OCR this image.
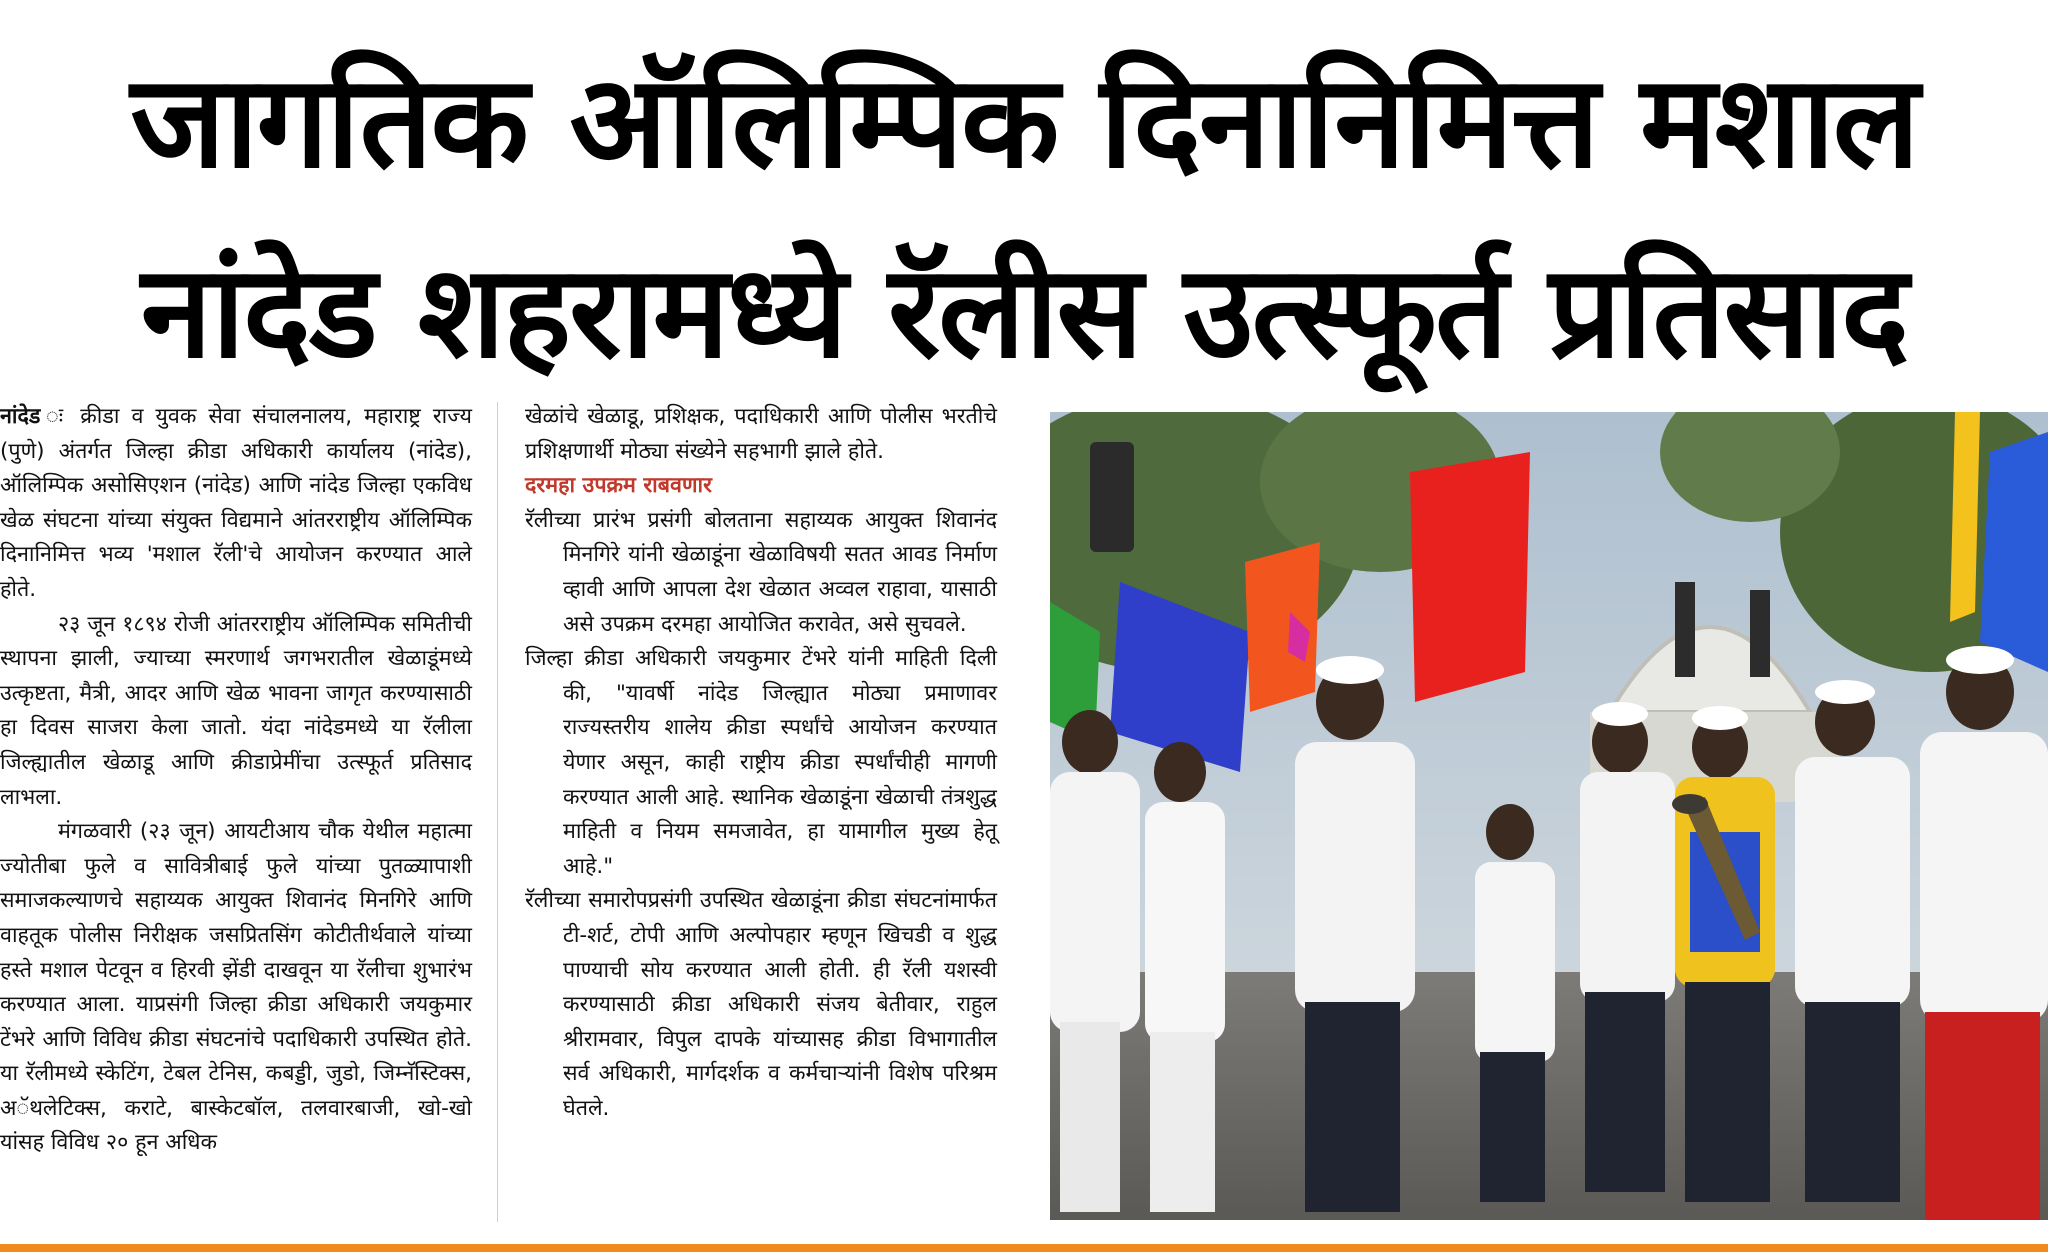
जागतिक ऑलिम्पिक दिनानिमित्त मशाल
नांदेड शहरामध्ये रॅलीस उत्स्फूर्त प्रतिसाद

नांदेड ः क्रीडा व युवक सेवा संचालनालय, महाराष्ट्र राज्य (पुणे) अंतर्गत जिल्हा क्रीडा अधिकारी कार्यालय (नांदेड), ऑलिम्पिक असोसिएशन (नांदेड) आणि नांदेड जिल्हा एकविध खेळ संघटना यांच्या संयुक्त विद्यमाने आंतरराष्ट्रीय ऑलिम्पिक दिनानिमित्त भव्य 'मशाल रॅली'चे आयोजन करण्यात आले होते.

२३ जून १८९४ रोजी आंतरराष्ट्रीय ऑलिम्पिक समितीची स्थापना झाली, ज्याच्या स्मरणार्थ जगभरातील खेळाडूंमध्ये उत्कृष्टता, मैत्री, आदर आणि खेळ भावना जागृत करण्यासाठी हा दिवस साजरा केला जातो. यंदा नांदेडमध्ये या रॅलीला जिल्ह्यातील खेळाडू आणि क्रीडाप्रेमींचा उत्स्फूर्त प्रतिसाद लाभला.

मंगळवारी (२३ जून) आयटीआय चौक येथील महात्मा ज्योतीबा फुले व सावित्रीबाई फुले यांच्या पुतळ्यापाशी समाजकल्याणचे सहाय्यक आयुक्त शिवानंद मिनगिरे आणि वाहतूक पोलीस निरीक्षक जसप्रितसिंग कोटीतीर्थवाले यांच्या हस्ते मशाल पेटवून व हिरवी झेंडी दाखवून या रॅलीचा शुभारंभ करण्यात आला. याप्रसंगी जिल्हा क्रीडा अधिकारी जयकुमार टेंभरे आणि विविध क्रीडा संघटनांचे पदाधिकारी उपस्थित होते. या रॅलीमध्ये स्केटिंग, टेबल टेनिस, कबड्डी, जुडो, जिम्नॅस्टिक्स, अॅथलेटिक्स, कराटे, बास्केटबॉल, तलवारबाजी, खो-खो यांसह विविध २० हून अधिक

खेळांचे खेळाडू, प्रशिक्षक, पदाधिकारी आणि पोलीस भरतीचे प्रशिक्षणार्थी मोठ्या संख्येने सहभागी झाले होते.

दरमहा उपक्रम राबवणार

रॅलीच्या प्रारंभ प्रसंगी बोलताना सहाय्यक आयुक्त शिवानंद मिनगिरे यांनी खेळाडूंना खेळाविषयी सतत आवड निर्माण व्हावी आणि आपला देश खेळात अव्वल राहावा, यासाठी असे उपक्रम दरमहा आयोजित करावेत, असे सुचवले.

जिल्हा क्रीडा अधिकारी जयकुमार टेंभरे यांनी माहिती दिली की, "यावर्षी नांदेड जिल्ह्यात मोठ्या प्रमाणावर राज्यस्तरीय शालेय क्रीडा स्पर्धांचे आयोजन करण्यात येणार असून, काही राष्ट्रीय क्रीडा स्पर्धांचीही मागणी करण्यात आली आहे. स्थानिक खेळाडूंना खेळाची तंत्रशुद्ध माहिती व नियम समजावेत, हा यामागील मुख्य हेतू आहे."

रॅलीच्या समारोपप्रसंगी उपस्थित खेळाडूंना क्रीडा संघटनांमार्फत टी-शर्ट, टोपी आणि अल्पोपहार म्हणून खिचडी व शुद्ध पाण्याची सोय करण्यात आली होती. ही रॅली यशस्वी करण्यासाठी क्रीडा अधिकारी संजय बेतीवार, राहुल श्रीरामवार, विपुल दापके यांच्यासह क्रीडा विभागातील सर्व अधिकारी, मार्गदर्शक व कर्मचाऱ्यांनी विशेष परिश्रम घेतले.
